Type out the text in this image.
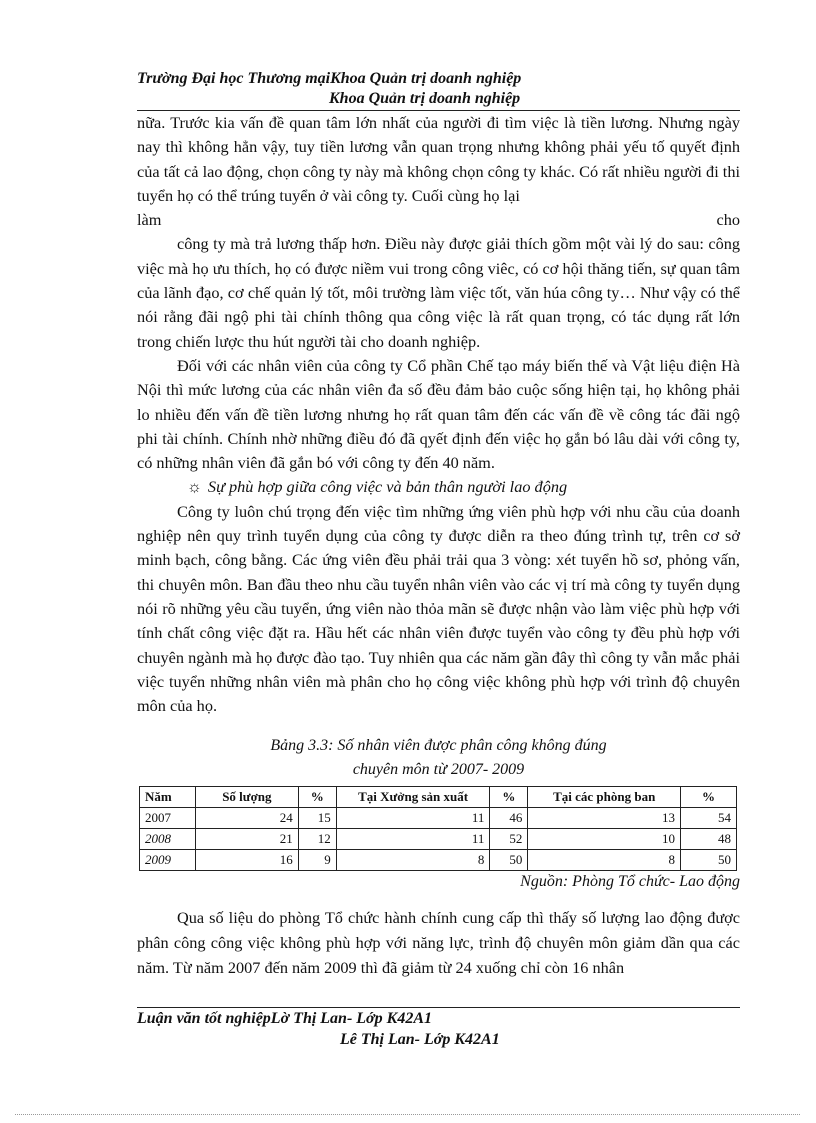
Trường Đại học Thương mạiKhoa Quản trị doanh nghiệp
Khoa Quản trị doanh nghiệp

nữa. Trước kia vấn đề quan tâm lớn nhất của người đi tìm việc là tiền lương. Nhưng ngày nay thì không hẳn vậy, tuy tiền lương vẫn quan trọng nhưng không phải yếu tố quyết định của tất cả lao động, chọn công ty này mà không chọn công ty khác. Có rất nhiều người đi thi tuyển họ có thể trúng tuyển ở vài công ty. Cuối cùng họ lại

làm cho

công ty mà trả lương thấp hơn. Điều này được giải thích gồm một vài lý do sau: công việc mà họ ưu thích, họ có được niềm vui trong công viêc, có cơ hội thăng tiến, sự quan tâm của lãnh đạo, cơ chế quản lý tốt, môi trường làm việc tốt, văn húa công ty… Như vậy có thể nói rằng đãi ngộ phi tài chính thông qua công việc là rất quan trọng, có tác dụng rất lớn trong chiến lược thu hút người tài cho doanh nghiệp.

Đối với các nhân viên của công ty Cổ phần Chế tạo máy biến thế và Vật liệu điện Hà Nội thì mức lương của các nhân viên đa số đều đảm bảo cuộc sống hiện tại, họ không phải lo nhiều đến vấn đề tiền lương nhưng họ rất quan tâm đến các vấn đề về công tác đãi ngộ phi tài chính. Chính nhờ những điều đó đã qyết định đến việc họ gắn bó lâu dài với công ty, có những nhân viên đã gắn bó với công ty đến 40 năm.

☼ Sự phù hợp giữa công việc và bản thân người lao động

Công ty luôn chú trọng đến việc tìm những ứng viên phù hợp với nhu cầu của doanh nghiệp nên quy trình tuyển dụng của công ty được diễn ra theo đúng trình tự, trên cơ sở minh bạch, công bằng. Các ứng viên đều phải trải qua 3 vòng: xét tuyển hồ sơ, phỏng vấn, thi chuyên môn. Ban đầu theo nhu cầu tuyển nhân viên vào các vị trí mà công ty tuyển dụng nói rõ những yêu cầu tuyển, ứng viên nào thỏa mãn sẽ được nhận vào làm việc phù hợp với tính chất công việc đặt ra. Hầu hết các nhân viên được tuyển vào công ty đều phù hợp với chuyên ngành mà họ được đào tạo. Tuy nhiên qua các năm gần đây thì công ty vẫn mắc phải việc tuyển những nhân viên mà phân cho họ công việc không phù hợp với trình độ chuyên môn của họ.

Bảng 3.3: Số nhân viên được phân công không đúng
chuyên môn từ 2007- 2009
Năm	Số lượng	%	Tại Xưởng sản xuất	%	Tại các phòng ban	%
2007	24	15	11	46	13	54
2008	21	12	11	52	10	48
2009	16	9	8	50	8	50
Nguồn: Phòng Tổ chức- Lao động

Qua số liệu do phòng Tổ chức hành chính cung cấp thì thấy số lượng lao động được phân công công việc không phù hợp với năng lực, trình độ chuyên môn giảm dần qua các năm. Từ năm 2007 đến năm 2009 thì đã giảm từ 24 xuống chỉ còn 16 nhân

Luận văn tốt nghiệpLờ Thị Lan- Lớp K42A1
Lê Thị Lan- Lớp K42A1
